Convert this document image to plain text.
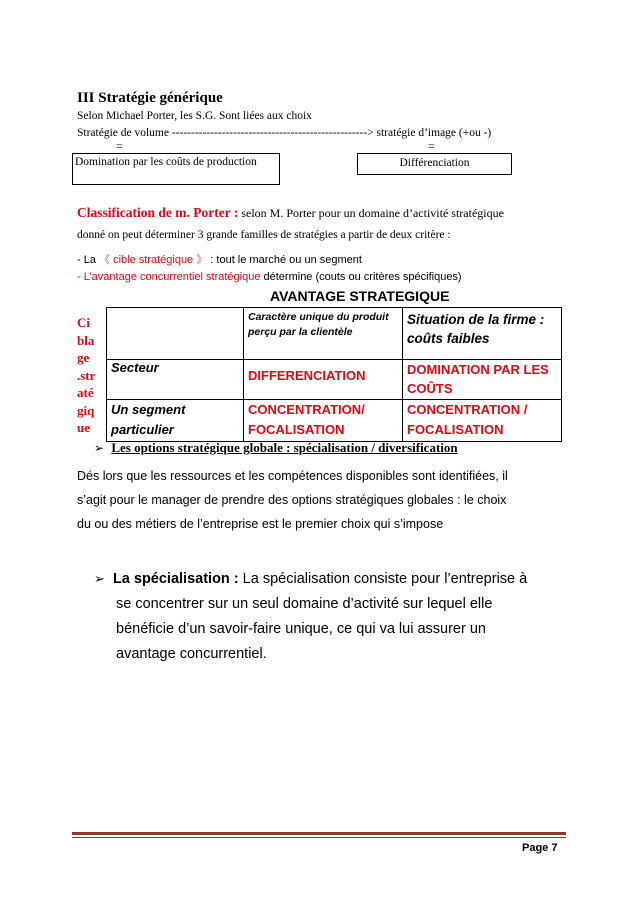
III Stratégie générique
Selon Michael Porter, les S.G. Sont liées aux choix
Stratégie de volume ---------------------------------------------------> stratégie d’image (+ou -)
=	=
Domination par les coûts de production	Différenciation
Classification de m. Porter : selon M. Porter pour un domaine d’activité stratégique
donné on peut déterminer 3 grande familles de stratégies a partir de deux critère :
- La 《 cible stratégique 》 : tout le marché ou un segment
- L’avantage concurrentiel stratégique détermine (couts ou critères spécifiques)
AVANTAGE STRATEGIQUE
Ci
bla
ge
.str
até
giq
ue
	Caractère unique du produit perçu par la clientèle	Situation de la firme : coûts faibles
Secteur	DIFFERENCIATION	DOMINATION PAR LES COÛTS
Un segment particulier	CONCENTRATION/ FOCALISATION	CONCENTRATION / FOCALISATION
➢ Les options stratégique globale : spécialisation / diversification
Dés lors que les ressources et les compétences disponibles sont identifiées, il
s’agit pour le manager de prendre des options stratégiques globales : le choix
du ou des métiers de l’entreprise est le premier choix qui s’impose
➢ La spécialisation : La spécialisation consiste pour l’entreprise à
se concentrer sur un seul domaine d’activité sur lequel elle
bénéficie d’un savoir-faire unique, ce qui va lui assurer un
avantage concurrentiel.
Page 7
